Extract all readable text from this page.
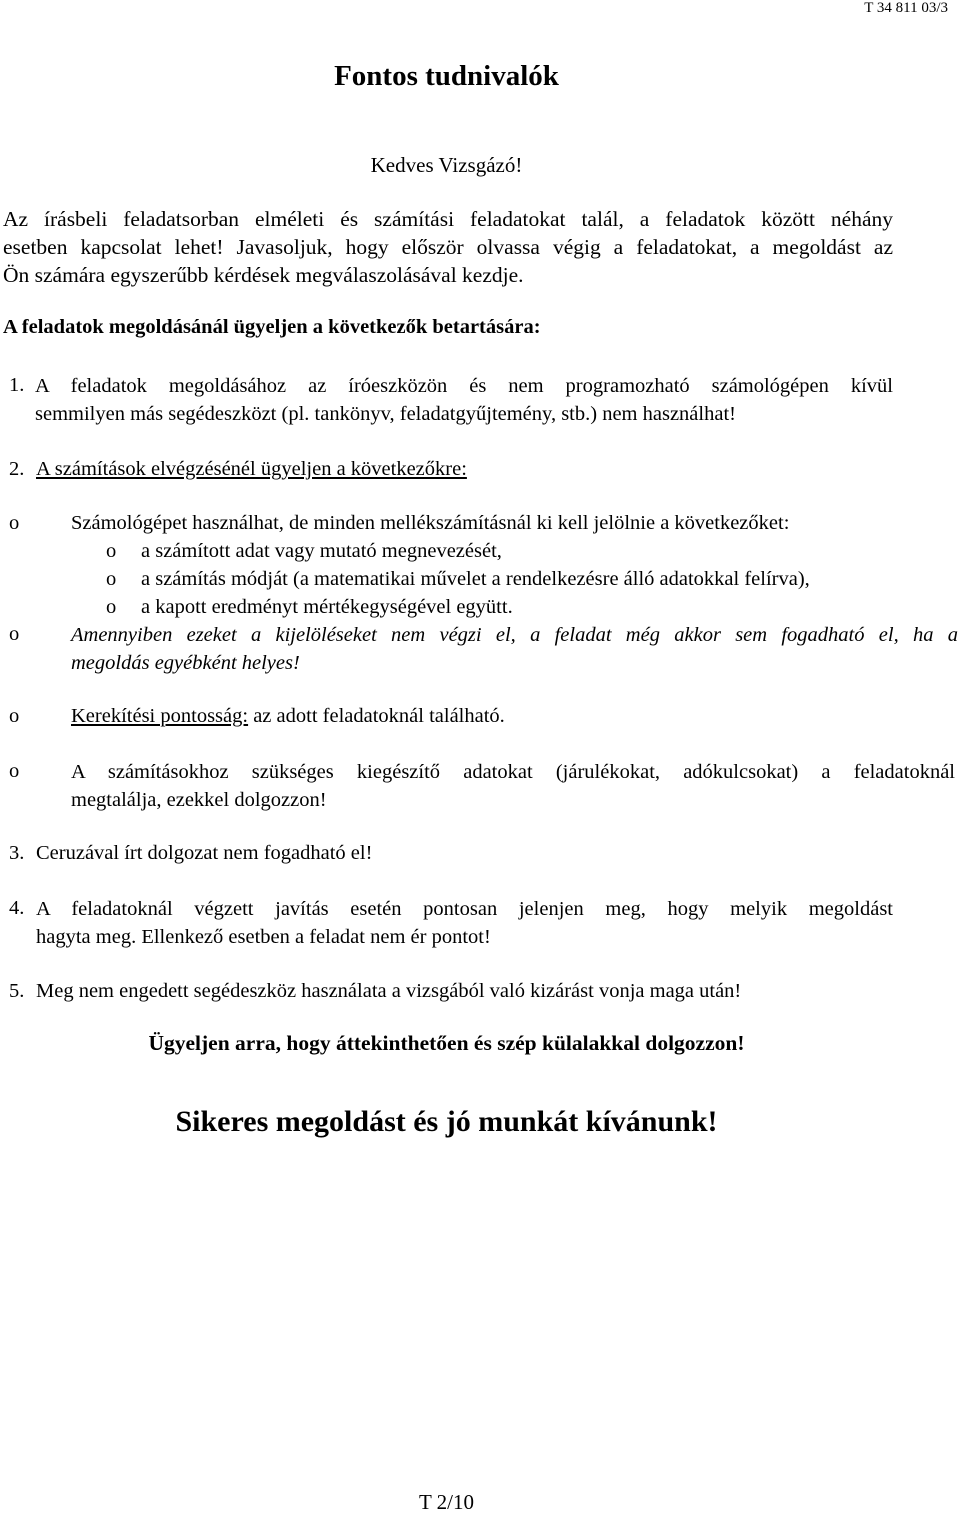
T 34 811 03/3
Fontos tudnivalók
Kedves Vizsgázó!
Az írásbeli feladatsorban elméleti és számítási feladatokat talál, a feladatok között néhány
esetben kapcsolat lehet! Javasoljuk, hogy először olvassa végig a feladatokat, a megoldást az
Ön számára egyszerűbb kérdések megválaszolásával kezdje.
A feladatok megoldásánál ügyeljen a következők betartására:
1. A feladatok megoldásához az íróeszközön és nem programozható számológépen kívül
semmilyen más segédeszközt (pl. tankönyv, feladatgyűjtemény, stb.) nem használhat!
2. A számítások elvégzésénél ügyeljen a következőkre:
o	Számológépet használhat, de minden mellékszámításnál ki kell jelölnie a következőket:
o a számított adat vagy mutató megnevezését,
o a számítás módját (a matematikai művelet a rendelkezésre álló adatokkal felírva),
o a kapott eredményt mértékegységével együtt.
o	Amennyiben ezeket a kijelöléseket nem végzi el, a feladat még akkor sem fogadható el, ha a
megoldás egyébként helyes!
o	Kerekítési pontosság: az adott feladatoknál található.
o	A számításokhoz szükséges kiegészítő adatokat (járulékokat, adókulcsokat) a feladatoknál
megtalálja, ezekkel dolgozzon!
3. Ceruzával írt dolgozat nem fogadható el!
4. A feladatoknál végzett javítás esetén pontosan jelenjen meg, hogy melyik megoldást
hagyta meg. Ellenkező esetben a feladat nem ér pontot!
5. Meg nem engedett segédeszköz használata a vizsgából való kizárást vonja maga után!
Ügyeljen arra, hogy áttekinthetően és szép külalakkal dolgozzon!
Sikeres megoldást és jó munkát kívánunk!
T 2/10
